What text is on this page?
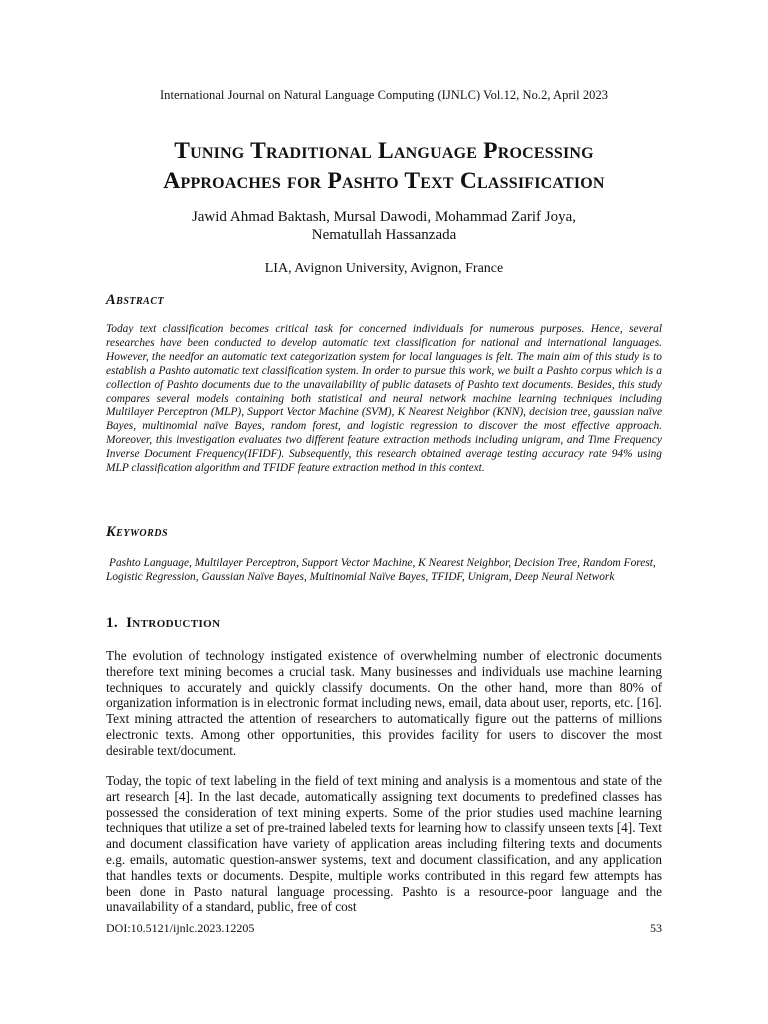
International Journal on Natural Language Computing (IJNLC) Vol.12, No.2, April 2023
Tuning Traditional Language Processing
Approaches for Pashto Text Classification
Jawid Ahmad Baktash, Mursal Dawodi, Mohammad Zarif Joya,
Nematullah Hassanzada
LIA, Avignon University, Avignon, France
Abstract
Today text classification becomes critical task for concerned individuals for numerous purposes. Hence, several researches have been conducted to develop automatic text classification for national and international languages. However, the needfor an automatic text categorization system for local languages is felt. The main aim of this study is to establish a Pashto automatic text classification system. In order to pursue this work, we built a Pashto corpus which is a collection of Pashto documents due to the unavailability of public datasets of Pashto text documents. Besides, this study compares several models containing both statistical and neural network machine learning techniques including Multilayer Perceptron (MLP), Support Vector Machine (SVM), K Nearest Neighbor (KNN), decision tree, gaussian naïve Bayes, multinomial naïve Bayes, random forest, and logistic regression to discover the most effective approach. Moreover, this investigation evaluates two different feature extraction methods including unigram, and Time Frequency Inverse Document Frequency(IFIDF). Subsequently, this research obtained average testing accuracy rate 94% using MLP classification algorithm and TFIDF feature extraction method in this context.
Keywords
Pashto Language, Multilayer Perceptron, Support Vector Machine, K Nearest Neighbor, Decision Tree, Random Forest, Logistic Regression, Gaussian Naïve Bayes, Multinomial Naïve Bayes, TFIDF, Unigram, Deep Neural Network
1. Introduction
The evolution of technology instigated existence of overwhelming number of electronic documents therefore text mining becomes a crucial task. Many businesses and individuals use machine learning techniques to accurately and quickly classify documents. On the other hand, more than 80% of organization information is in electronic format including news, email, data about user, reports, etc. [16]. Text mining attracted the attention of researchers to automatically figure out the patterns of millions electronic texts. Among other opportunities, this provides facility for users to discover the most desirable text/document.
Today, the topic of text labeling in the field of text mining and analysis is a momentous and state of the art research [4]. In the last decade, automatically assigning text documents to predefined classes has possessed the consideration of text mining experts. Some of the prior studies used machine learning techniques that utilize a set of pre-trained labeled texts for learning how to classify unseen texts [4]. Text and document classification have variety of application areas including filtering texts and documents e.g. emails, automatic question-answer systems, text and document classification, and any application that handles texts or documents. Despite, multiple works contributed in this regard few attempts has been done in Pasto natural language processing. Pashto is a resource-poor language and the unavailability of a standard, public, free of cost
DOI:10.5121/ijnlc.2023.12205	53
